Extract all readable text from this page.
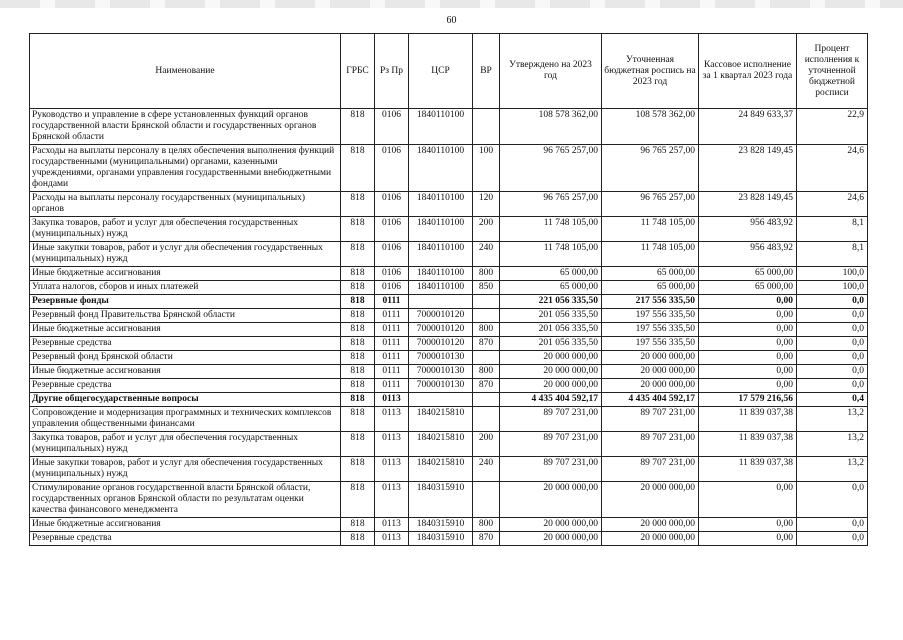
60
Наименование	ГРБС	Рз Пр	ЦСР	ВР	Утверждено на 2023 год	Уточненная бюджетная роспись на 2023 год	Кассовое исполнение за 1 квартал 2023 года	Процент исполнения к уточненной бюджетной росписи
Руководство и управление в сфере установленных функций органов государственной власти Брянской области и государственных органов Брянской области	818	0106	1840110100		108 578 362,00	108 578 362,00	24 849 633,37	22,9
Расходы на выплаты персоналу в целях обеспечения выполнения функций государственными (муниципальными) органами, казенными учреждениями, органами управления государственными внебюджетными фондами	818	0106	1840110100	100	96 765 257,00	96 765 257,00	23 828 149,45	24,6
Расходы на выплаты персоналу государственных (муниципальных) органов	818	0106	1840110100	120	96 765 257,00	96 765 257,00	23 828 149,45	24,6
Закупка товаров, работ и услуг для обеспечения государственных (муниципальных) нужд	818	0106	1840110100	200	11 748 105,00	11 748 105,00	956 483,92	8,1
Иные закупки товаров, работ и услуг для обеспечения государственных (муниципальных) нужд	818	0106	1840110100	240	11 748 105,00	11 748 105,00	956 483,92	8,1
Иные бюджетные ассигнования	818	0106	1840110100	800	65 000,00	65 000,00	65 000,00	100,0
Уплата налогов, сборов и иных платежей	818	0106	1840110100	850	65 000,00	65 000,00	65 000,00	100,0
Резервные фонды	818	0111			221 056 335,50	217 556 335,50	0,00	0,0
Резервный фонд Правительства Брянской области	818	0111	7000010120		201 056 335,50	197 556 335,50	0,00	0,0
Иные бюджетные ассигнования	818	0111	7000010120	800	201 056 335,50	197 556 335,50	0,00	0,0
Резервные средства	818	0111	7000010120	870	201 056 335,50	197 556 335,50	0,00	0,0
Резервный фонд Брянской области	818	0111	7000010130		20 000 000,00	20 000 000,00	0,00	0,0
Иные бюджетные ассигнования	818	0111	7000010130	800	20 000 000,00	20 000 000,00	0,00	0,0
Резервные средства	818	0111	7000010130	870	20 000 000,00	20 000 000,00	0,00	0,0
Другие общегосударственные вопросы	818	0113			4 435 404 592,17	4 435 404 592,17	17 579 216,56	0,4
Сопровождение и модернизация программных и технических комплексов управления общественными финансами	818	0113	1840215810		89 707 231,00	89 707 231,00	11 839 037,38	13,2
Закупка товаров, работ и услуг для обеспечения государственных (муниципальных) нужд	818	0113	1840215810	200	89 707 231,00	89 707 231,00	11 839 037,38	13,2
Иные закупки товаров, работ и услуг для обеспечения государственных (муниципальных) нужд	818	0113	1840215810	240	89 707 231,00	89 707 231,00	11 839 037,38	13,2
Стимулирование органов государственной власти Брянской области, государственных органов Брянской области по результатам оценки качества финансового менеджмента	818	0113	1840315910		20 000 000,00	20 000 000,00	0,00	0,0
Иные бюджетные ассигнования	818	0113	1840315910	800	20 000 000,00	20 000 000,00	0,00	0,0
Резервные средства	818	0113	1840315910	870	20 000 000,00	20 000 000,00	0,00	0,0
